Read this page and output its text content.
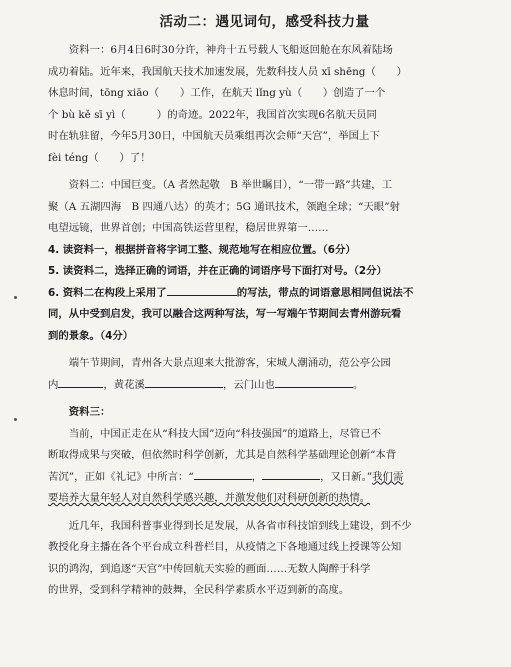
活动二：遇见词句，感受科技力量

资料一：6月4日6时30分许，神舟十五号载人飞船返回舱在东风着陆场

成功着陆。近年来，我国航天技术加速发展，先数科技人员 xī shēng（　　）

休息时间，tōng xiāo（　　）工作，在航天 lǐng yù（　　）创造了一个

个 bù kě sī yì（　　　）的奇迹。2022年，我国首次实现6名航天员同

时在轨驻留，今年5月30日，中国航天员乘组再次会师“天宫”，举国上下

fèi téng（　　）了！

资料二：中国巨变。（A 者然起敬　B 举世瞩目），“一带一路”共建，工

聚（A 五湖四海　B 四通八达）的英才；5G 通讯技术，领跑全球；“天眼”射

电望远镜，世界首创；中国高铁运营里程，稳居世界第一……

4. 读资料一，根据拼音将字词工整、规范地写在相应位置。（6分）

5. 读资料二，选择正确的词语，并在正确的词语序号下面打对号。（2分）

6. 资料二在构段上采用了	的写法，带点的词语意思相同但说法不

同，从中受到启发，我可以融合这两种写法，写一写端午节期间去青州游玩看

到的景象。（4分）

端午节期间，青州各大景点迎来大批游客，宋城人潮涌动，范公亭公园

内	，黄花溪	，云门山也	。

资料三：

当前，中国正走在从“科技大国”迈向“科技强国”的道路上，尽管已不

断取得成果与突破，但依然时科学创新，尤其是自然科学基础理论创新“本背

苦沉”，正如《礼记》中所言：“	，	，又日新。”我们需

要培养大量年轻人对自然科学感兴趣，并激发他们对科研创新的热情。

近几年，我国科普事业得到长足发展，从各省市科技馆到线上建设，到不少

教授化身主播在各个平台成立科普栏目，从疫情之下各地通过线上授课等公知

识的鸿沟，到追逐“天宫”中传回航天实验的画面……无数人陶醉于科学

的世界，受到科学精神的鼓舞，全民科学素质水平迈到新的高度。
